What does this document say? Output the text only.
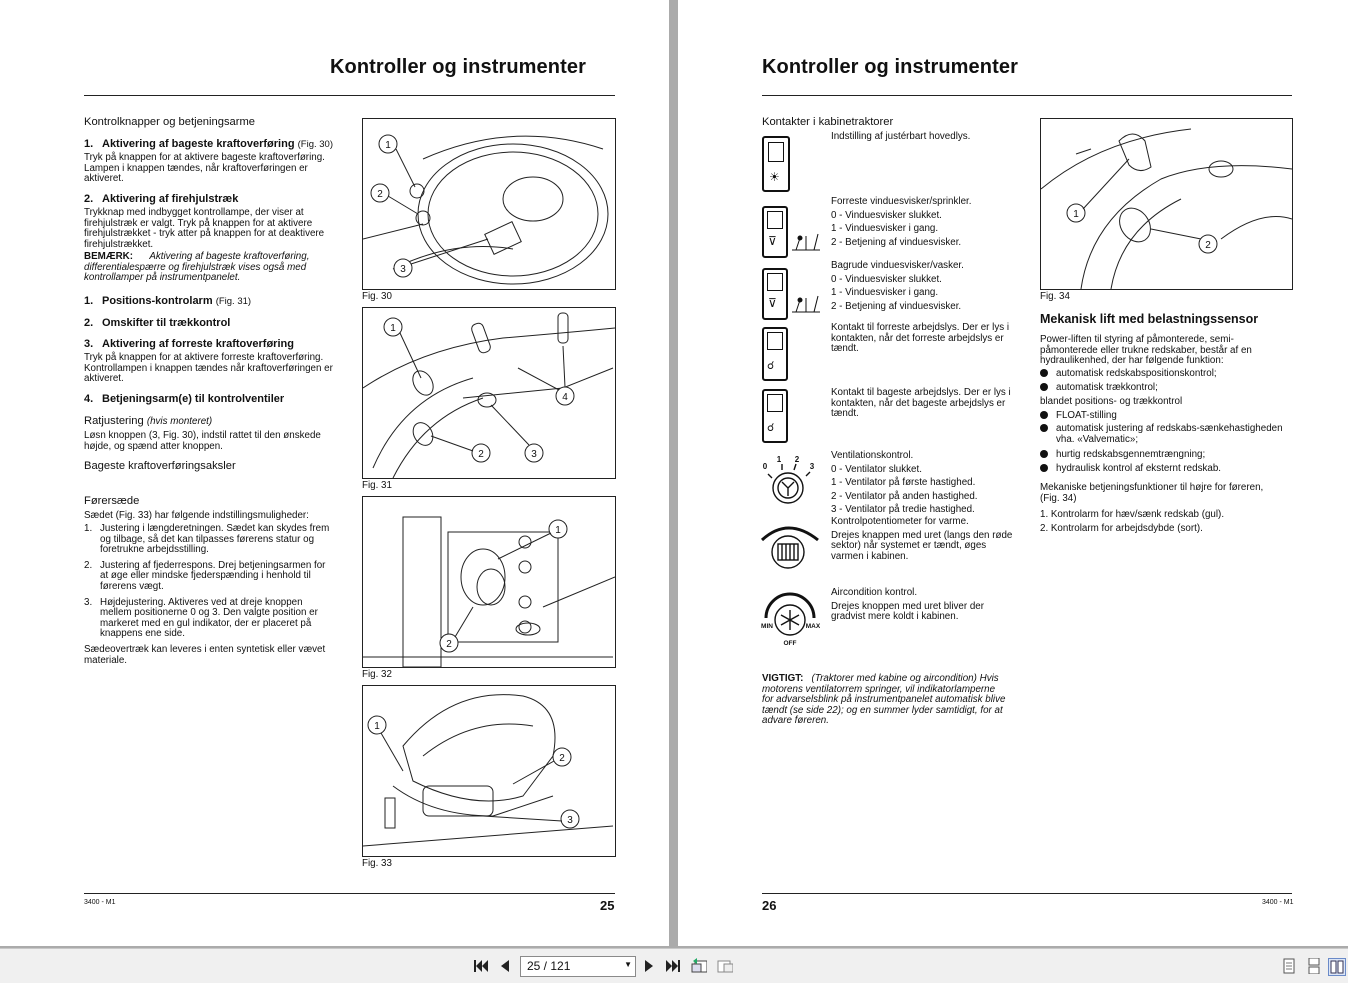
Kontroller og instrumenter
Kontrolknapper og betjeningsarme
1. Aktivering af bageste kraftoverføring (Fig. 30)
Tryk på knappen for at aktivere bageste kraftoverføring.
Lampen i knappen tændes, når kraftoverføringen er
aktiveret.
2. Aktivering af firehjulstræk
Trykknap med indbygget kontrollampe, der viser at
firehjulstræk er valgt. Tryk på knappen for at aktivere
firehjulstrækket - tryk atter på knappen for at deaktivere
firehjulstrækket.
BEMÆRK: Aktivering af bageste kraftoverføring,
differentialespærre og firehjulstræk vises også med
kontrollamper på instrumentpanelet.
1. Positions-kontrolarm (Fig. 31)
2. Omskifter til trækkontrol
3. Aktivering af forreste kraftoverføring
Tryk på knappen for at aktivere forreste kraftoverføring.
Kontrollampen i knappen tændes når kraftoverføringen er
aktiveret.
4. Betjeningsarm(e) til kontrolventiler
Ratjustering (hvis monteret)
Løsn knoppen (3, Fig. 30), indstil rattet til den ønskede
højde, og spænd atter knoppen.
Bageste kraftoverføringsaksler
Førersæde
Sædet (Fig. 33) har følgende indstillingsmuligheder:
1. Justering i længderetningen. Sædet kan skydes frem
og tilbage, så det kan tilpasses førerens statur og
foretrukne arbejdsstilling.
2. Justering af fjederrespons. Drej betjeningsarmen for
at øge eller mindske fjederspænding i henhold til
førerens vægt.
3. Højdejustering. Aktiveres ved at dreje knoppen
mellem positionerne 0 og 3. Den valgte position er
markeret med en gul indikator, der er placeret på
knappens ene side.
Sædeovertræk kan leveres i enten syntetisk eller vævet
materiale.
1
2
3
Fig. 30
1
2	3
4
Fig. 31
1
2
Fig. 32
1
2
3
Fig. 33
3400 - M1	25
Kontroller og instrumenter
Kontakter i kabinetraktorer
☀
Indstilling af justérbart hovedlys.
⊽
Forreste vinduesvisker/sprinkler.
0 - Vinduesvisker slukket.
1 - Vinduesvisker i gang.
2 - Betjening af vinduesvisker.
⊽
Bagrude vinduesvisker/vasker.
0 - Vinduesvisker slukket.
1 - Vinduesvisker i gang.
2 - Betjening af vinduesvisker.
☌
Kontakt til forreste arbejdslys. Der er lys i
kontakten, når det forreste arbejdslys er
tændt.
☌
Kontakt til bageste arbejdslys. Der er lys i
kontakten, når det bageste arbejdslys er
tændt.
0
1 2
3
Ventilationskontrol.
0 - Ventilator slukket.
1 - Ventilator på første hastighed.
2 - Ventilator på anden hastighed.
3 - Ventilator på tredie hastighed.
Kontrolpotentiometer for varme.
Drejes knappen med uret (langs den røde
sektor) når systemet er tændt, øges
varmen i kabinen.
MIN	MAX
OFF
Aircondition kontrol.
Drejes knoppen med uret bliver der
gradvist mere koldt i kabinen.
VIGTIGT: (Traktorer med kabine og aircondition) Hvis
motorens ventilatorrem springer, vil indikatorlamperne
for advarselsblink på instrumentpanelet automatisk blive
tændt (se side 22); og en summer lyder samtidigt, for at
advare føreren.
1
2
Fig. 34
Mekanisk lift med belastningssensor
Power-liften til styring af påmonterede, semi-
påmonterede eller trukne redskaber, består af en
hydraulikenhed, der har følgende funktion:
automatisk redskabspositionskontrol;
automatisk trækkontrol;
blandet positions- og trækkontrol
FLOAT-stilling
automatisk justering af redskabs-sænkehastigheden
vha. «Valvematic»;
hurtig redskabsgennemtrængning;
hydraulisk kontrol af eksternt redskab.
Mekaniske betjeningsfunktioner til højre for føreren,
(Fig. 34)
1. Kontrolarm for hæv/sænk redskab (gul).
2. Kontrolarm for arbejdsdybde (sort).
26	3400 - M1
25 / 121	▼
